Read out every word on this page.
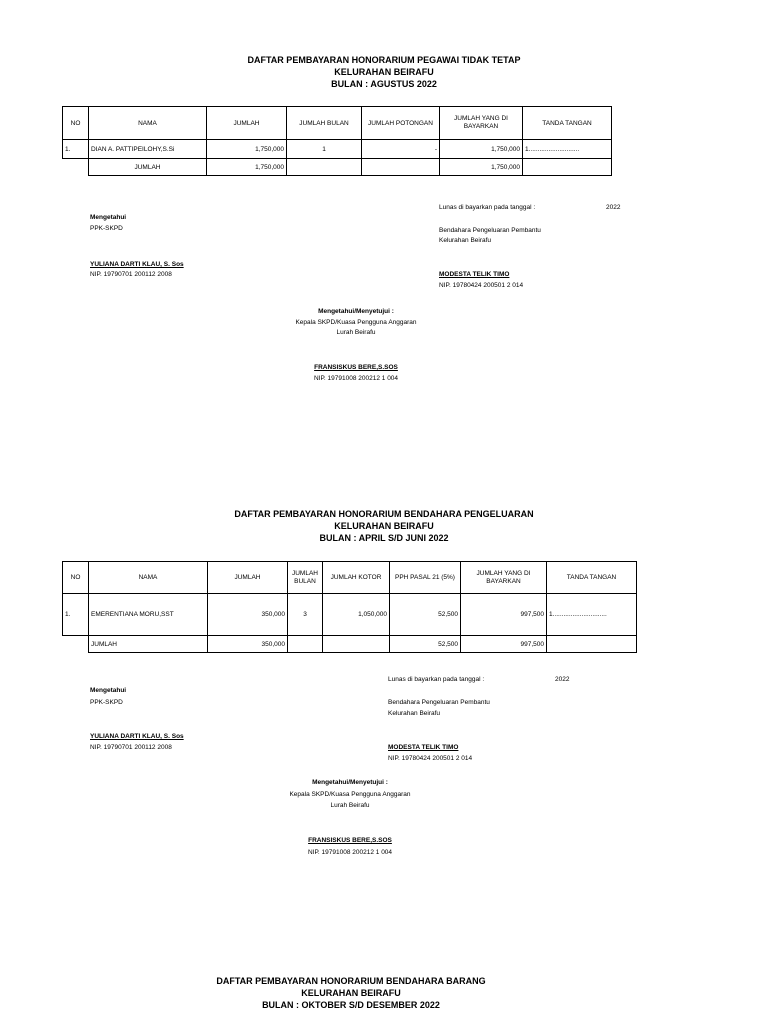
DAFTAR PEMBAYARAN HONORARIUM PEGAWAI TIDAK TETAP
KELURAHAN BEIRAFU
BULAN : AGUSTUS 2022
NO	NAMA	JUMLAH	JUMLAH BULAN	JUMLAH POTONGAN	JUMLAH YANG DI BAYARKAN	TANDA TANGAN
1.	DIAN A. PATTIPEILOHY,S.Si	1,750,000	1	-	1,750,000	1............................
	JUMLAH	1,750,000			1,750,000	
Lunas di bayarkan pada tanggal :	2022
Mengetahui
PPK-SKPD	Bendahara Pengeluaran Pembantu
Kelurahan Beirafu
YULIANA DARTI KLAU, S. Sos
NIP. 19790701 200112 2008	MODESTA TELIK TIMO
NIP. 19780424 200501 2 014
Mengetahui/Menyetujui :
Kepala SKPD/Kuasa Pengguna Anggaran
Lurah Beirafu
FRANSISKUS BERE,S.SOS
NIP. 19791008 200212 1 004
DAFTAR PEMBAYARAN HONORARIUM BENDAHARA PENGELUARAN
KELURAHAN BEIRAFU
BULAN : APRIL S/D JUNI 2022
NO	NAMA	JUMLAH	JUMLAH BULAN	JUMLAH KOTOR	PPH PASAL 21 (5%)	JUMLAH YANG DI BAYARKAN	TANDA TANGAN
1.	EMERENTIANA MORU,SST	350,000	3	1,050,000	52,500	997,500	1..............................
	JUMLAH	350,000			52,500	997,500	
Lunas di bayarkan pada tanggal :	2022
Mengetahui
PPK-SKPD	Bendahara Pengeluaran Pembantu
Kelurahan Beirafu
YULIANA DARTI KLAU, S. Sos
NIP. 19790701 200112 2008	MODESTA TELIK TIMO
NIP. 19780424 200501 2 014
Mengetahui/Menyetujui :
Kepala SKPD/Kuasa Pengguna Anggaran
Lurah Beirafu
FRANSISKUS BERE,S.SOS
NIP. 19791008 200212 1 004
DAFTAR PEMBAYARAN HONORARIUM BENDAHARA BARANG
KELURAHAN BEIRAFU
BULAN : OKTOBER S/D DESEMBER 2022
